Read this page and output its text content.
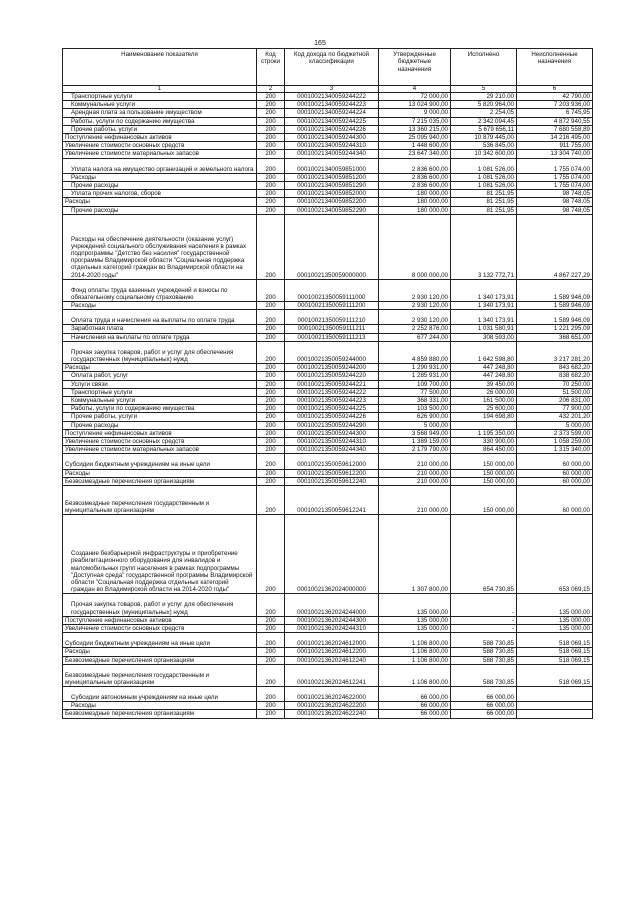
165
Наименование показателя	Код строки	Код дохода по бюджетной классификации	Утвержденные бюджетные назначения	Исполнено	Неисполненные назначения
1	2	3	4	5	6
Транспортные услуги	200	00010021340059244222	72 000,00	29 210,00	42 790,00
Коммунальные услуги	200	00010021340059244223	13 024 900,00	5 820 964,00	7 203 936,00
Арендная плата за пользование имуществом	200	00010021340059244224	9 000,00	2 254,05	6 745,95
Работы, услуги по содержанию имущества	200	00010021340059244225	7 215 035,00	2 342 094,45	4 872 940,55
Прочие работы, услуги	200	00010021340059244226	13 360 215,00	5 679 656,11	7 680 558,89
Поступление нефинансовых активов	200	00010021340059244300	25 095 940,00	10 879 445,00	14 216 495,00
Увеличение стоимости основных средств	200	00010021340059244310	1 448 600,00	536 845,00	911 755,00
Увеличение стоимости материальных запасов	200	00010021340059244340	23 647 340,00	10 342 600,00	13 304 740,00
Уплата налога на имущество организаций и земельного налога	200	00010021340059851000	2 836 600,00	1 081 526,00	1 755 074,00
Расходы	200	00010021340059851200	2 836 600,00	1 081 526,00	1 755 074,00
Прочие расходы	200	00010021340059851290	2 836 600,00	1 081 526,00	1 755 074,00
Уплата прочих налогов, сборов	200	00010021340059852000	180 000,00	81 251,95	98 748,05
Расходы	200	00010021340059852200	180 000,00	81 251,95	98 748,05
Прочие расходы	200	00010021340059852290	180 000,00	81 251,95	98 748,05
Расходы на обеспечение деятельности (оказание услуг) учреждений социального обслуживания населения в рамках подпрограммы "Детство без насилия" государственной программы Владимирской области "Социальная поддержка отдельных категорий граждан во Владимирской области на 2014-2020 годы"	200	00010021350059000000	8 000 000,00	3 132 772,71	4 867 227,29
Фонд оплаты труда казенных учреждений и взносы по обязательному социальному страхованию	200	00010021350059111000	2 930 120,00	1 340 173,91	1 589 946,09
Расходы	200	00010021350059111200	2 930 120,00	1 340 173,91	1 589 946,09
Оплата труда и начисления на выплаты по оплате труда	200	00010021350059111210	2 930 120,00	1 340 173,91	1 589 946,09
Заработная плата	200	00010021350059111211	2 252 876,00	1 031 580,91	1 221 295,09
Начисления на выплаты по оплате труда	200	00010021350059111213	677 244,00	308 593,00	368 651,00
Прочая закупка товаров, работ и услуг для обеспечения государственных (муниципальных) нужд	200	00010021350059244000	4 859 880,00	1 642 598,80	3 217 281,20
Расходы	200	00010021350059244200	1 290 931,00	447 248,80	843 682,20
Оплата работ, услуг	200	00010021350059244220	1 285 931,00	447 248,80	838 682,20
Услуги связи	200	00010021350059244221	109 700,00	39 450,00	70 250,00
Транспортные услуги	200	00010021350059244222	77 500,00	26 000,00	51 500,00
Коммунальные услуги	200	00010021350059244223	368 331,00	161 500,00	206 831,00
Работы, услуги по содержанию имущества	200	00010021350059244225	103 500,00	25 600,00	77 900,00
Прочие работы, услуги	200	00010021350059244226	626 900,00	194 698,80	432 201,20
Прочие расходы	200	00010021350059244290	5 000,00		5 000,00
Поступление нефинансовых активов	200	00010021350059244300	3 568 949,00	1 195 350,00	2 373 599,00
Увеличение стоимости основных средств	200	00010021350059244310	1 389 159,00	330 900,00	1 058 259,00
Увеличение стоимости материальных запасов	200	00010021350059244340	2 179 790,00	864 450,00	1 315 340,00
Субсидии бюджетным учреждениям на иные цели	200	00010021350059612000	210 000,00	150 000,00	60 000,00
Расходы	200	00010021350059612200	210 000,00	150 000,00	60 000,00
Безвозмездные перечисления организациям	200	00010021350059612240	210 000,00	150 000,00	60 000,00
Безвозмездные перечисления государственным и муниципальным организациям	200	00010021350059612241	210 000,00	150 000,00	60 000,00
Создание безбарьерной инфраструктуры и приобретение реабилитационного оборудования для инвалидов и маломобильных групп населения в рамках подпрограммы "Доступная среда" государственной программы Владимирской области "Социальная поддержка отдельных категорий граждан во Владимирской области на 2014-2020 годы"	200	00010021362024000000	1 307 800,00	654 730,85	653 069,15
Прочая закупка товаров, работ и услуг для обеспечения государственных (муниципальных) нужд	200	00010021362024244000	135 000,00	-	135 000,00
Поступление нефинансовых активов	200	00010021362024244300	135 000,00	-	135 000,00
Увеличение стоимости основных средств	200	00010021362024244310	135 000,00	-	135 000,00
Субсидии бюджетным учреждениям на иные цели	200	00010021362024612000	1 106 800,00	588 730,85	518 069,15
Расходы	200	00010021362024612200	1 106 800,00	588 730,85	518 069,15
Безвозмездные перечисления организациям	200	00010021362024612240	1 106 800,00	588 730,85	518 069,15
Безвозмездные перечисления государственным и муниципальным организациям	200	00010021362024612241	1 106 800,00	588 730,85	518 069,15
Субсидии автономным учреждениям на иные цели	200	00010021362024622000	66 000,00	66 000,00	
Расходы	200	00010021362024622200	66 000,00	66 000,00	
Безвозмездные перечисления организациям	200	00010021362024622240	66 000,00	66 000,00	
